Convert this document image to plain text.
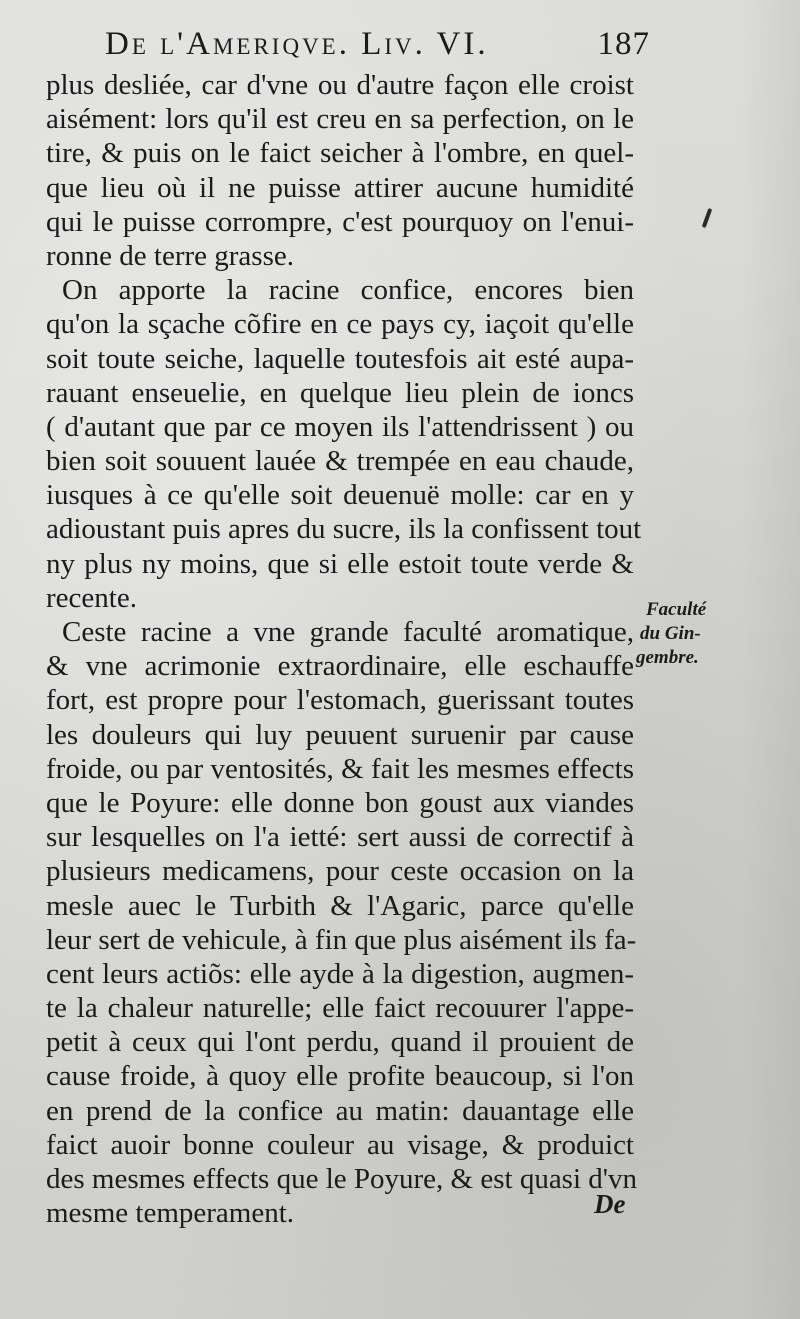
De l'Ameriqve. Liv. VI.	187
plus desliée, car d'vne ou d'autre façon elle croist
aisément: lors qu'il est creu en sa perfection, on le
tire, & puis on le faict seicher à l'ombre, en quel-
que lieu où il ne puisse attirer aucune humidité
qui le puisse corrompre, c'est pourquoy on l'enui-
ronne de terre grasse.
On apporte la racine confice, encores bien
qu'on la sçache cõfire en ce pays cy, iaçoit qu'elle
soit toute seiche, laquelle toutesfois ait esté aupa-
rauant enseuelie, en quelque lieu plein de ioncs
( d'autant que par ce moyen ils l'attendrissent ) ou
bien soit souuent lauée & trempée en eau chaude,
iusques à ce qu'elle soit deuenuë molle: car en y
adioustant puis apres du sucre, ils la confissent tout
ny plus ny moins, que si elle estoit toute verde &
recente.
Ceste racine a vne grande faculté aromatique,
& vne acrimonie extraordinaire, elle eschauffe
fort, est propre pour l'estomach, guerissant toutes
les douleurs qui luy peuuent suruenir par cause
froide, ou par ventosités, & fait les mesmes effects
que le Poyure: elle donne bon goust aux viandes
sur lesquelles on l'a ietté: sert aussi de correctif à
plusieurs medicamens, pour ceste occasion on la
mesle auec le Turbith & l'Agaric, parce qu'elle
leur sert de vehicule, à fin que plus aisément ils fa-
cent leurs actiõs: elle ayde à la digestion, augmen-
te la chaleur naturelle; elle faict recouurer l'appe-
petit à ceux qui l'ont perdu, quand il prouient de
cause froide, à quoy elle profite beaucoup, si l'on
en prend de la confice au matin: dauantage elle
faict auoir bonne couleur au visage, & produict
des mesmes effects que le Poyure, & est quasi d'vn
mesme temperament.
Faculté
du Gin-
gembre.
De
